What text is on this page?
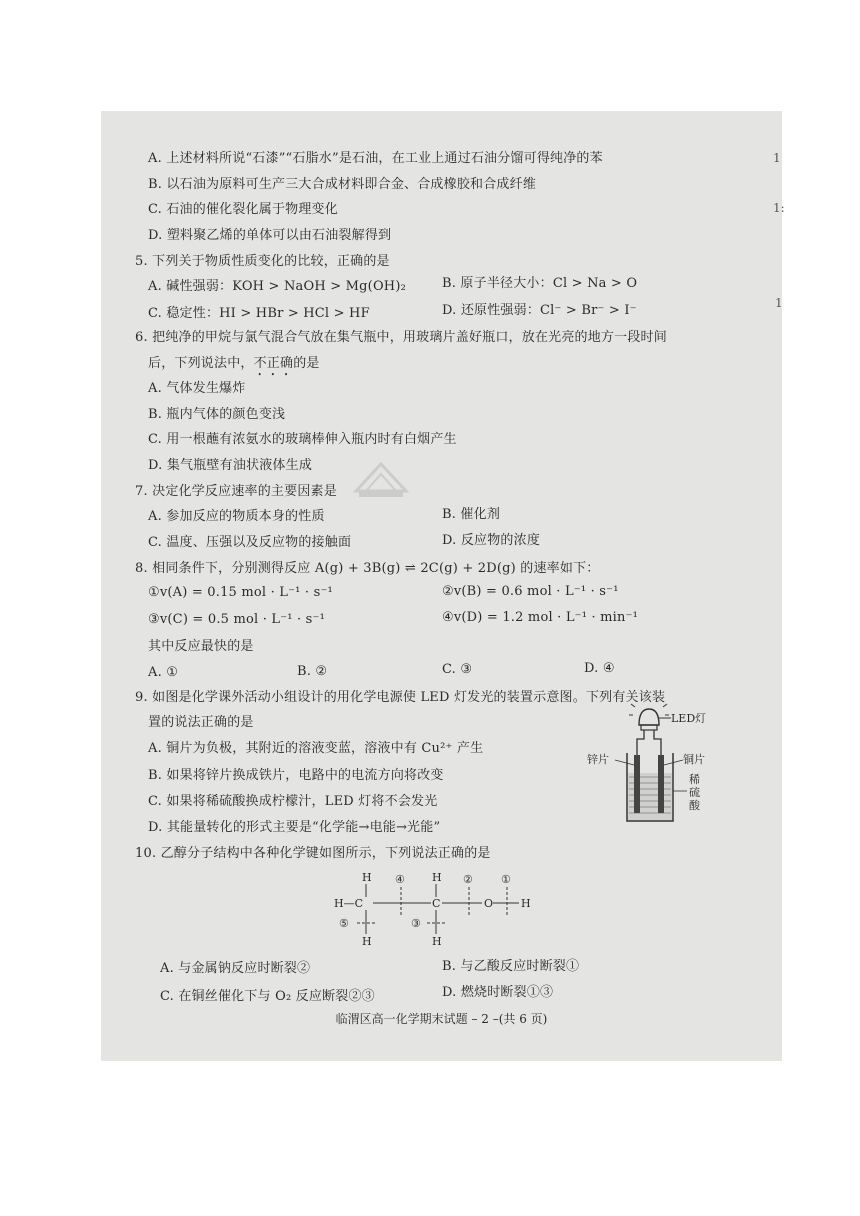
A. 上述材料所说“石漆”“石脂水”是石油，在工业上通过石油分馏可得纯净的苯
B. 以石油为原料可生产三大合成材料即合金、合成橡胶和合成纤维
C. 石油的催化裂化属于物理变化
D. 塑料聚乙烯的单体可以由石油裂解得到
5. 下列关于物质性质变化的比较，正确的是
A. 碱性强弱：KOH > NaOH > Mg(OH)₂	B. 原子半径大小：Cl > Na > O
C. 稳定性：HI > HBr > HCl > HF	D. 还原性强弱：Cl⁻ > Br⁻ > I⁻
6. 把纯净的甲烷与氯气混合气放在集气瓶中，用玻璃片盖好瓶口，放在光亮的地方一段时间
后，下列说法中，不正确的是
A. 气体发生爆炸
B. 瓶内气体的颜色变浅
C. 用一根蘸有浓氨水的玻璃棒伸入瓶内时有白烟产生
D. 集气瓶壁有油状液体生成
7. 决定化学反应速率的主要因素是
A. 参加反应的物质本身的性质	B. 催化剂
C. 温度、压强以及反应物的接触面	D. 反应物的浓度
8. 相同条件下，分别测得反应 A(g) + 3B(g) ⇌ 2C(g) + 2D(g) 的速率如下：
①v(A) = 0.15 mol · L⁻¹ · s⁻¹	②v(B) = 0.6 mol · L⁻¹ · s⁻¹
③v(C) = 0.5 mol · L⁻¹ · s⁻¹	④v(D) = 1.2 mol · L⁻¹ · min⁻¹
其中反应最快的是
A. ①	B. ②	C. ③	D. ④
9. 如图是化学课外活动小组设计的用化学电源使 LED 灯发光的装置示意图。下列有关该装
置的说法正确的是
A. 铜片为负极，其附近的溶液变蓝，溶液中有 Cu²⁺ 产生
B. 如果将锌片换成铁片，电路中的电流方向将改变
C. 如果将稀硫酸换成柠檬汁，LED 灯将不会发光
D. 其能量转化的形式主要是“化学能→电能→光能”
LED灯
锌片	铜片
稀
硫
酸
10. 乙醇分子结构中各种化学键如图所示，下列说法正确的是
H	H
H—C	C	O	H
H	H
④	②	①
⑤	③
A. 与金属钠反应时断裂②	B. 与乙酸反应时断裂①
C. 在铜丝催化下与 O₂ 反应断裂②③	D. 燃烧时断裂①③
临渭区高一化学期末试题 – 2 –(共 6 页)
1
1:
1
